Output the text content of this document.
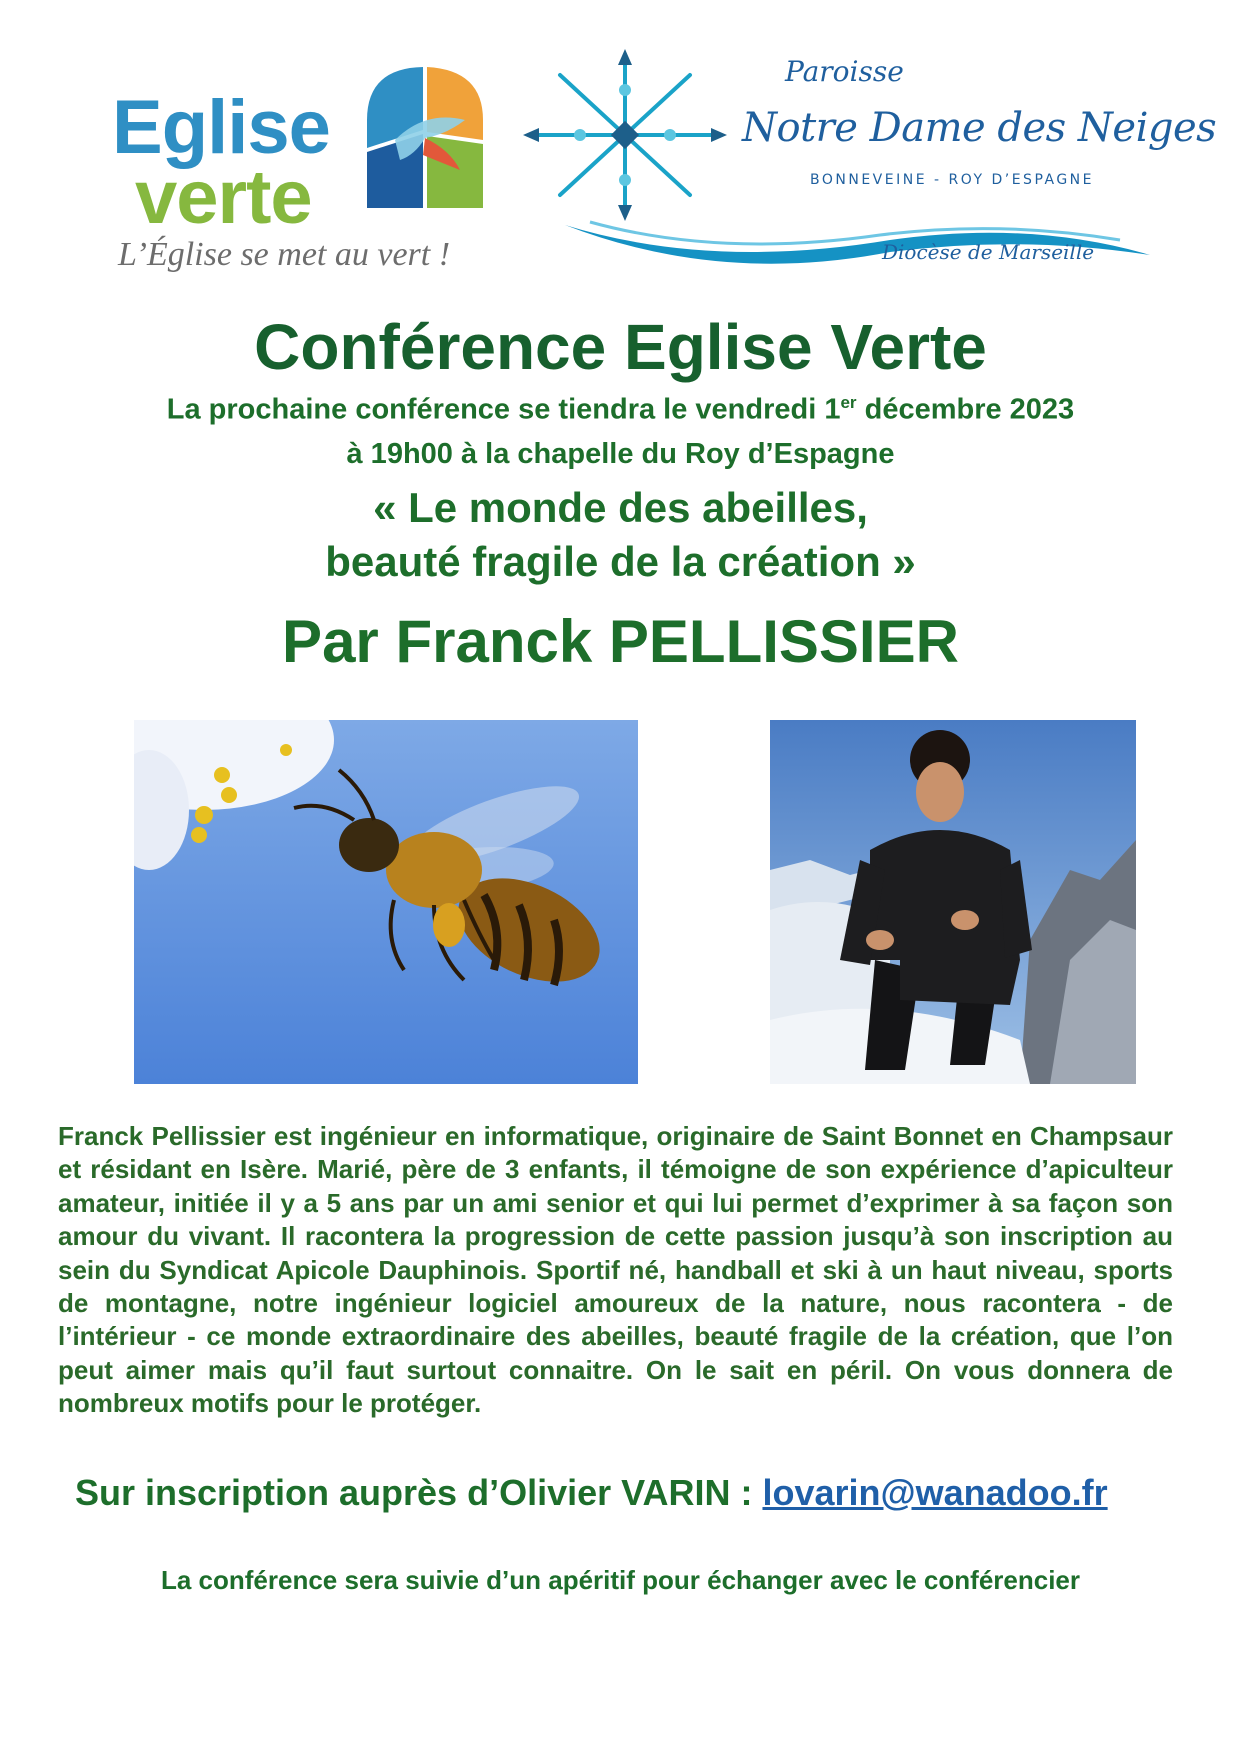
Eglise
verte
L’Église se met au vert !
Paroisse
Notre Dame des Neiges
BONNEVEINE - ROY D’ESPAGNE
Diocèse de Marseille
Conférence Eglise Verte
La prochaine conférence se tiendra le vendredi 1er décembre 2023
à 19h00 à la chapelle du Roy d’Espagne
« Le monde des abeilles,
beauté fragile de la création »
Par Franck PELLISSIER
Franck Pellissier est ingénieur en informatique, originaire de Saint Bonnet en Champsaur et résidant en Isère. Marié, père de 3 enfants, il témoigne de son expérience d’apiculteur amateur, initiée il y a 5 ans par un ami senior et qui lui permet d’exprimer à sa façon son amour du vivant. Il racontera la progression de cette passion jusqu’à son inscription au sein du Syndicat Apicole Dauphinois. Sportif né, handball et ski à un haut niveau, sports de montagne, notre ingénieur logiciel amoureux de la nature, nous racontera - de l’intérieur - ce monde extraordinaire des abeilles, beauté fragile de la création, que l’on peut aimer mais qu’il faut surtout connaitre. On le sait en péril. On vous donnera de nombreux motifs pour le protéger.
Sur inscription auprès d’Olivier VARIN : lovarin@wanadoo.fr
La conférence sera suivie d’un apéritif pour échanger avec le conférencier
